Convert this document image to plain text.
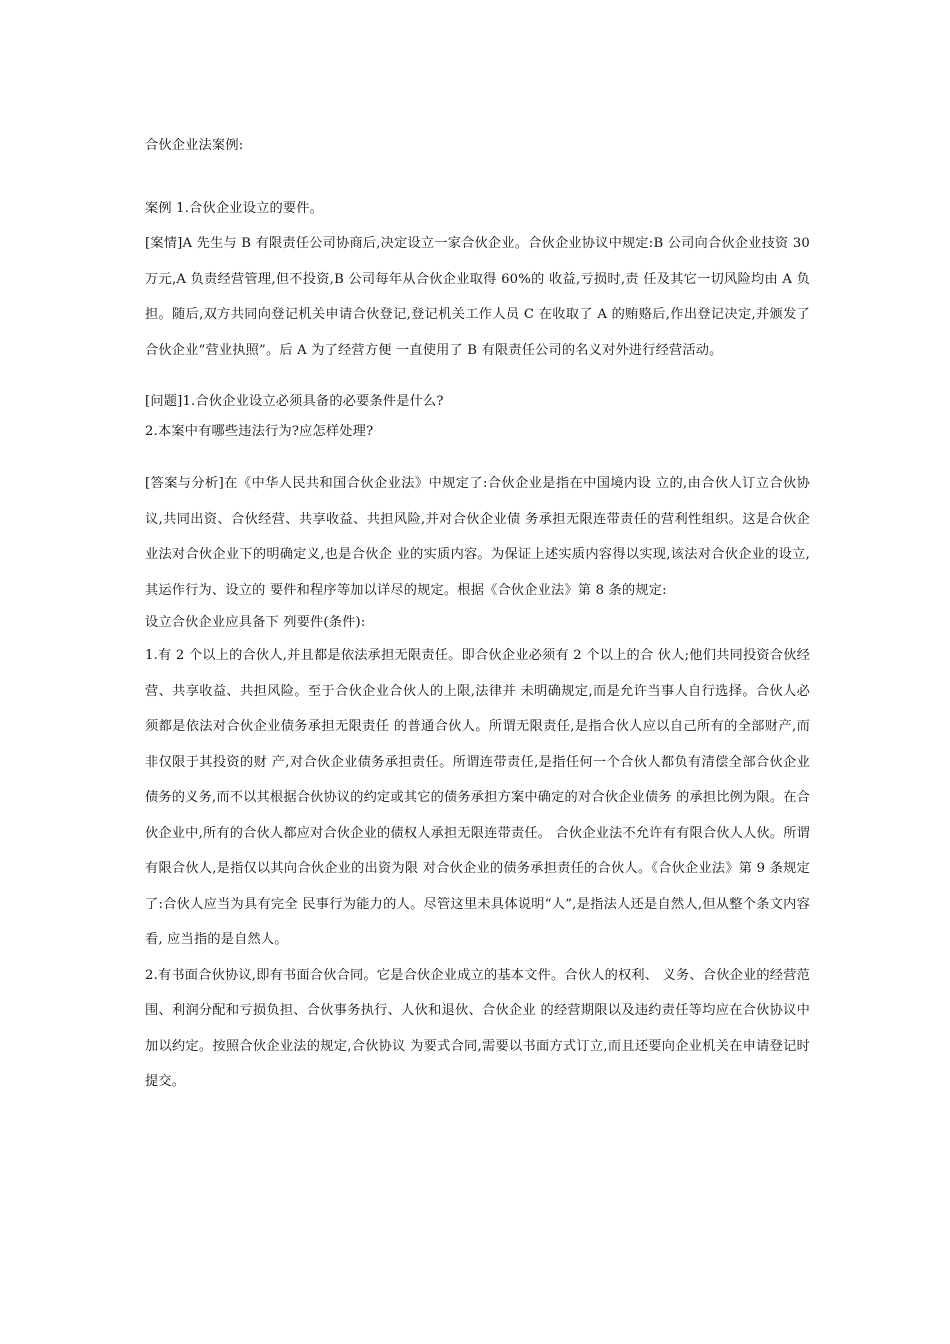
合伙企业法案例:

案例 1.合伙企业设立的要件。

[案情]A 先生与 B 有限责任公司协商后,决定设立一家合伙企业。合伙企业协议中规定:B 公司向合伙企业技资 30 万元,A 负责经营管理,但不投资,B 公司每年从合伙企业取得 60%的 收益,亏损时,责 任及其它一切风险均由 A 负担。随后,双方共同向登记机关申请合伙登记,登记机关工作人员 C 在收取了 A 的贿赂后,作出登记决定,并颁发了合伙企业“营业执照”。后 A 为了经营方便 一直使用了 B 有限责任公司的名义对外进行经营活动。

[问题]1.合伙企业设立必须具备的必要条件是什么?

2.本案中有哪些违法行为?应怎样处理?

[答案与分析]在《中华人民共和国合伙企业法》中规定了:合伙企业是指在中国境内设 立的,由合伙人订立合伙协议,共同出资、合伙经营、共享收益、共担风险,并对合伙企业债 务承担无限连带责任的营利性组织。这是合伙企业法对合伙企业下的明确定义,也是合伙企 业的实质内容。为保证上述实质内容得以实现,该法对合伙企业的设立,其运作行为、设立的 要件和程序等加以详尽的规定。根据《合伙企业法》第 8 条的规定:

设立合伙企业应具备下 列要件(条件):

1.有 2 个以上的合伙人,并且都是依法承担无限责任。即合伙企业必须有 2 个以上的合 伙人;他们共同投资合伙经营、共享收益、共担风险。至于合伙企业合伙人的上限,法律并 未明确规定,而是允许当事人自行选择。合伙人必须都是依法对合伙企业债务承担无限责任 的普通合伙人。所谓无限责任,是指合伙人应以自己所有的全部财产,而非仅限于其投资的财 产,对合伙企业债务承担责任。所谓连带责任,是指任何一个合伙人都负有清偿全部合伙企业 债务的义务,而不以其根据合伙协议的约定或其它的债务承担方案中确定的对合伙企业债务 的承担比例为限。在合伙企业中,所有的合伙人都应对合伙企业的债权人承担无限连带责任。 合伙企业法不允许有有限合伙人人伙。所谓有限合伙人,是指仅以其向合伙企业的出资为限 对合伙企业的债务承担责任的合伙人。《合伙企业法》第 9 条规定了:合伙人应当为具有完全 民事行为能力的人。尽管这里未具体说明“人”,是指法人还是自然人,但从整个条文内容看, 应当指的是自然人。

2.有书面合伙协议,即有书面合伙合同。它是合伙企业成立的基本文件。合伙人的权利、 义务、合伙企业的经营范围、利润分配和亏损负担、合伙事务执行、人伙和退伙、合伙企业 的经营期限以及违约责任等均应在合伙协议中加以约定。按照合伙企业法的规定,合伙协议 为要式合同,需要以书面方式订立,而且还要向企业机关在申请登记时提交。
